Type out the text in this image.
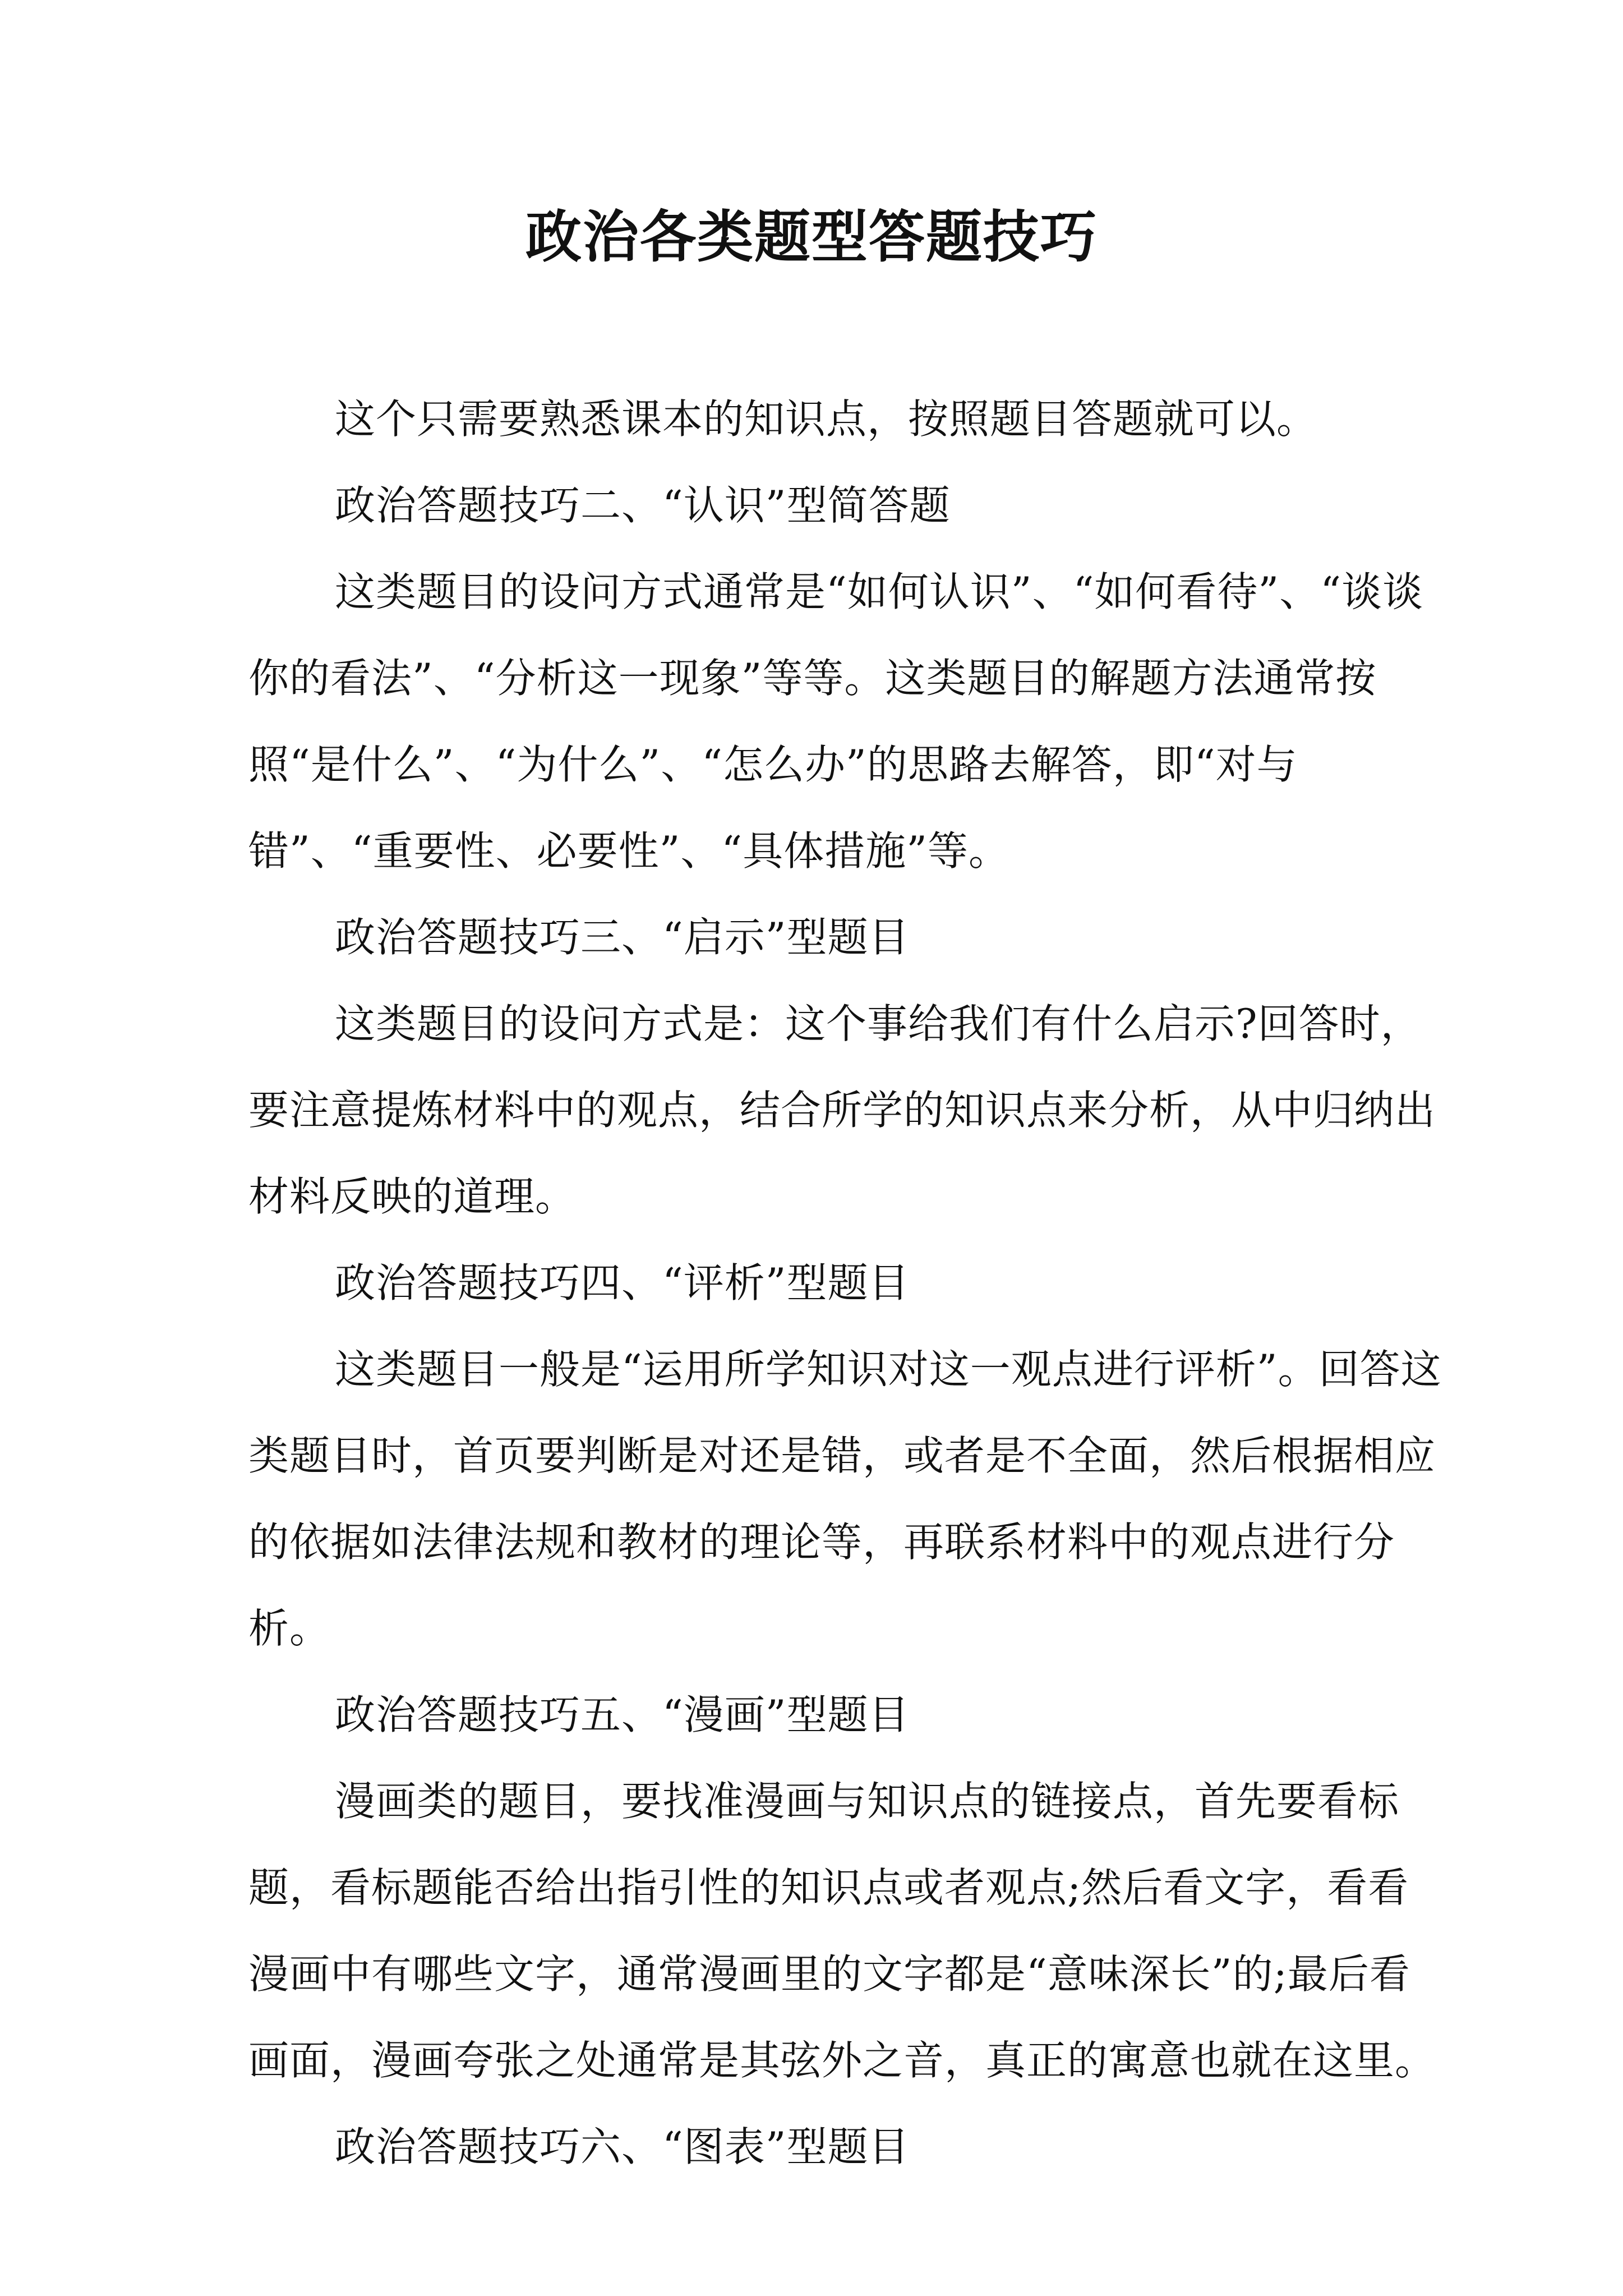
政治各类题型答题技巧

这个只需要熟悉课本的知识点，按照题目答题就可以。

政治答题技巧二、“认识”型简答题

这类题目的设问方式通常是“如何认识”、“如何看待”、“谈谈你的看法”、“分析这一现象”等等。这类题目的解题方法通常按照“是什么”、“为什么”、“怎么办”的思路去解答，即“对与错”、“重要性、必要性”、“具体措施”等。

政治答题技巧三、“启示”型题目

这类题目的设问方式是：这个事给我们有什么启示?回答时，要注意提炼材料中的观点，结合所学的知识点来分析，从中归纳出材料反映的道理。

政治答题技巧四、“评析”型题目

这类题目一般是“运用所学知识对这一观点进行评析”。回答这类题目时，首页要判断是对还是错，或者是不全面，然后根据相应的依据如法律法规和教材的理论等，再联系材料中的观点进行分析。

政治答题技巧五、“漫画”型题目

漫画类的题目，要找准漫画与知识点的链接点，首先要看标题，看标题能否给出指引性的知识点或者观点;然后看文字，看看漫画中有哪些文字，通常漫画里的文字都是“意味深长”的;最后看画面，漫画夸张之处通常是其弦外之音，真正的寓意也就在这里。

政治答题技巧六、“图表”型题目
